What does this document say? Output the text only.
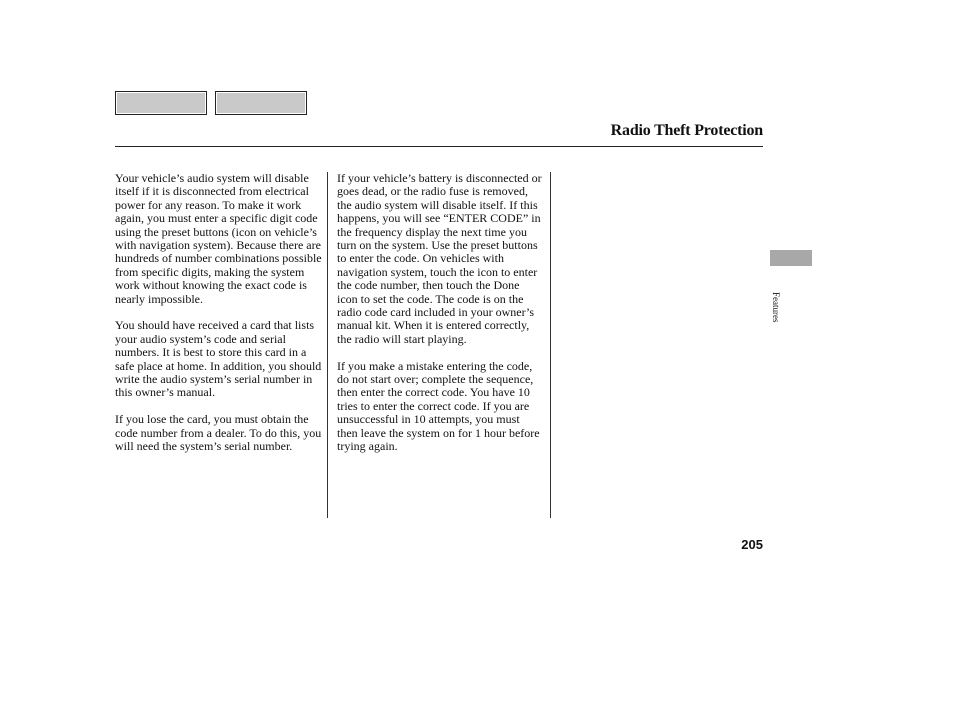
Radio Theft Protection

Your vehicle’s audio system will disable itself if it is disconnected from electrical power for any reason. To make it work again, you must enter a specific digit code using the preset buttons (icon on vehicle’s with navigation system). Because there are hundreds of number combinations possible from specific digits, making the system work without knowing the exact code is nearly impossible.

You should have received a card that lists your audio system’s code and serial numbers. It is best to store this card in a safe place at home. In addition, you should write the audio system’s serial number in this owner’s manual.

If you lose the card, you must obtain the code number from a dealer. To do this, you will need the system’s serial number.

If your vehicle’s battery is disconnected or goes dead, or the radio fuse is removed, the audio system will disable itself. If this happens, you will see “ENTER CODE” in the frequency display the next time you turn on the system. Use the preset buttons to enter the code. On vehicles with navigation system, touch the icon to enter the code number, then touch the Done icon to set the code. The code is on the radio code card included in your owner’s manual kit. When it is entered correctly, the radio will start playing.

If you make a mistake entering the code, do not start over; complete the sequence, then enter the correct code. You have 10 tries to enter the correct code. If you are unsuccessful in 10 attempts, you must then leave the system on for 1 hour before trying again.

Features
205
